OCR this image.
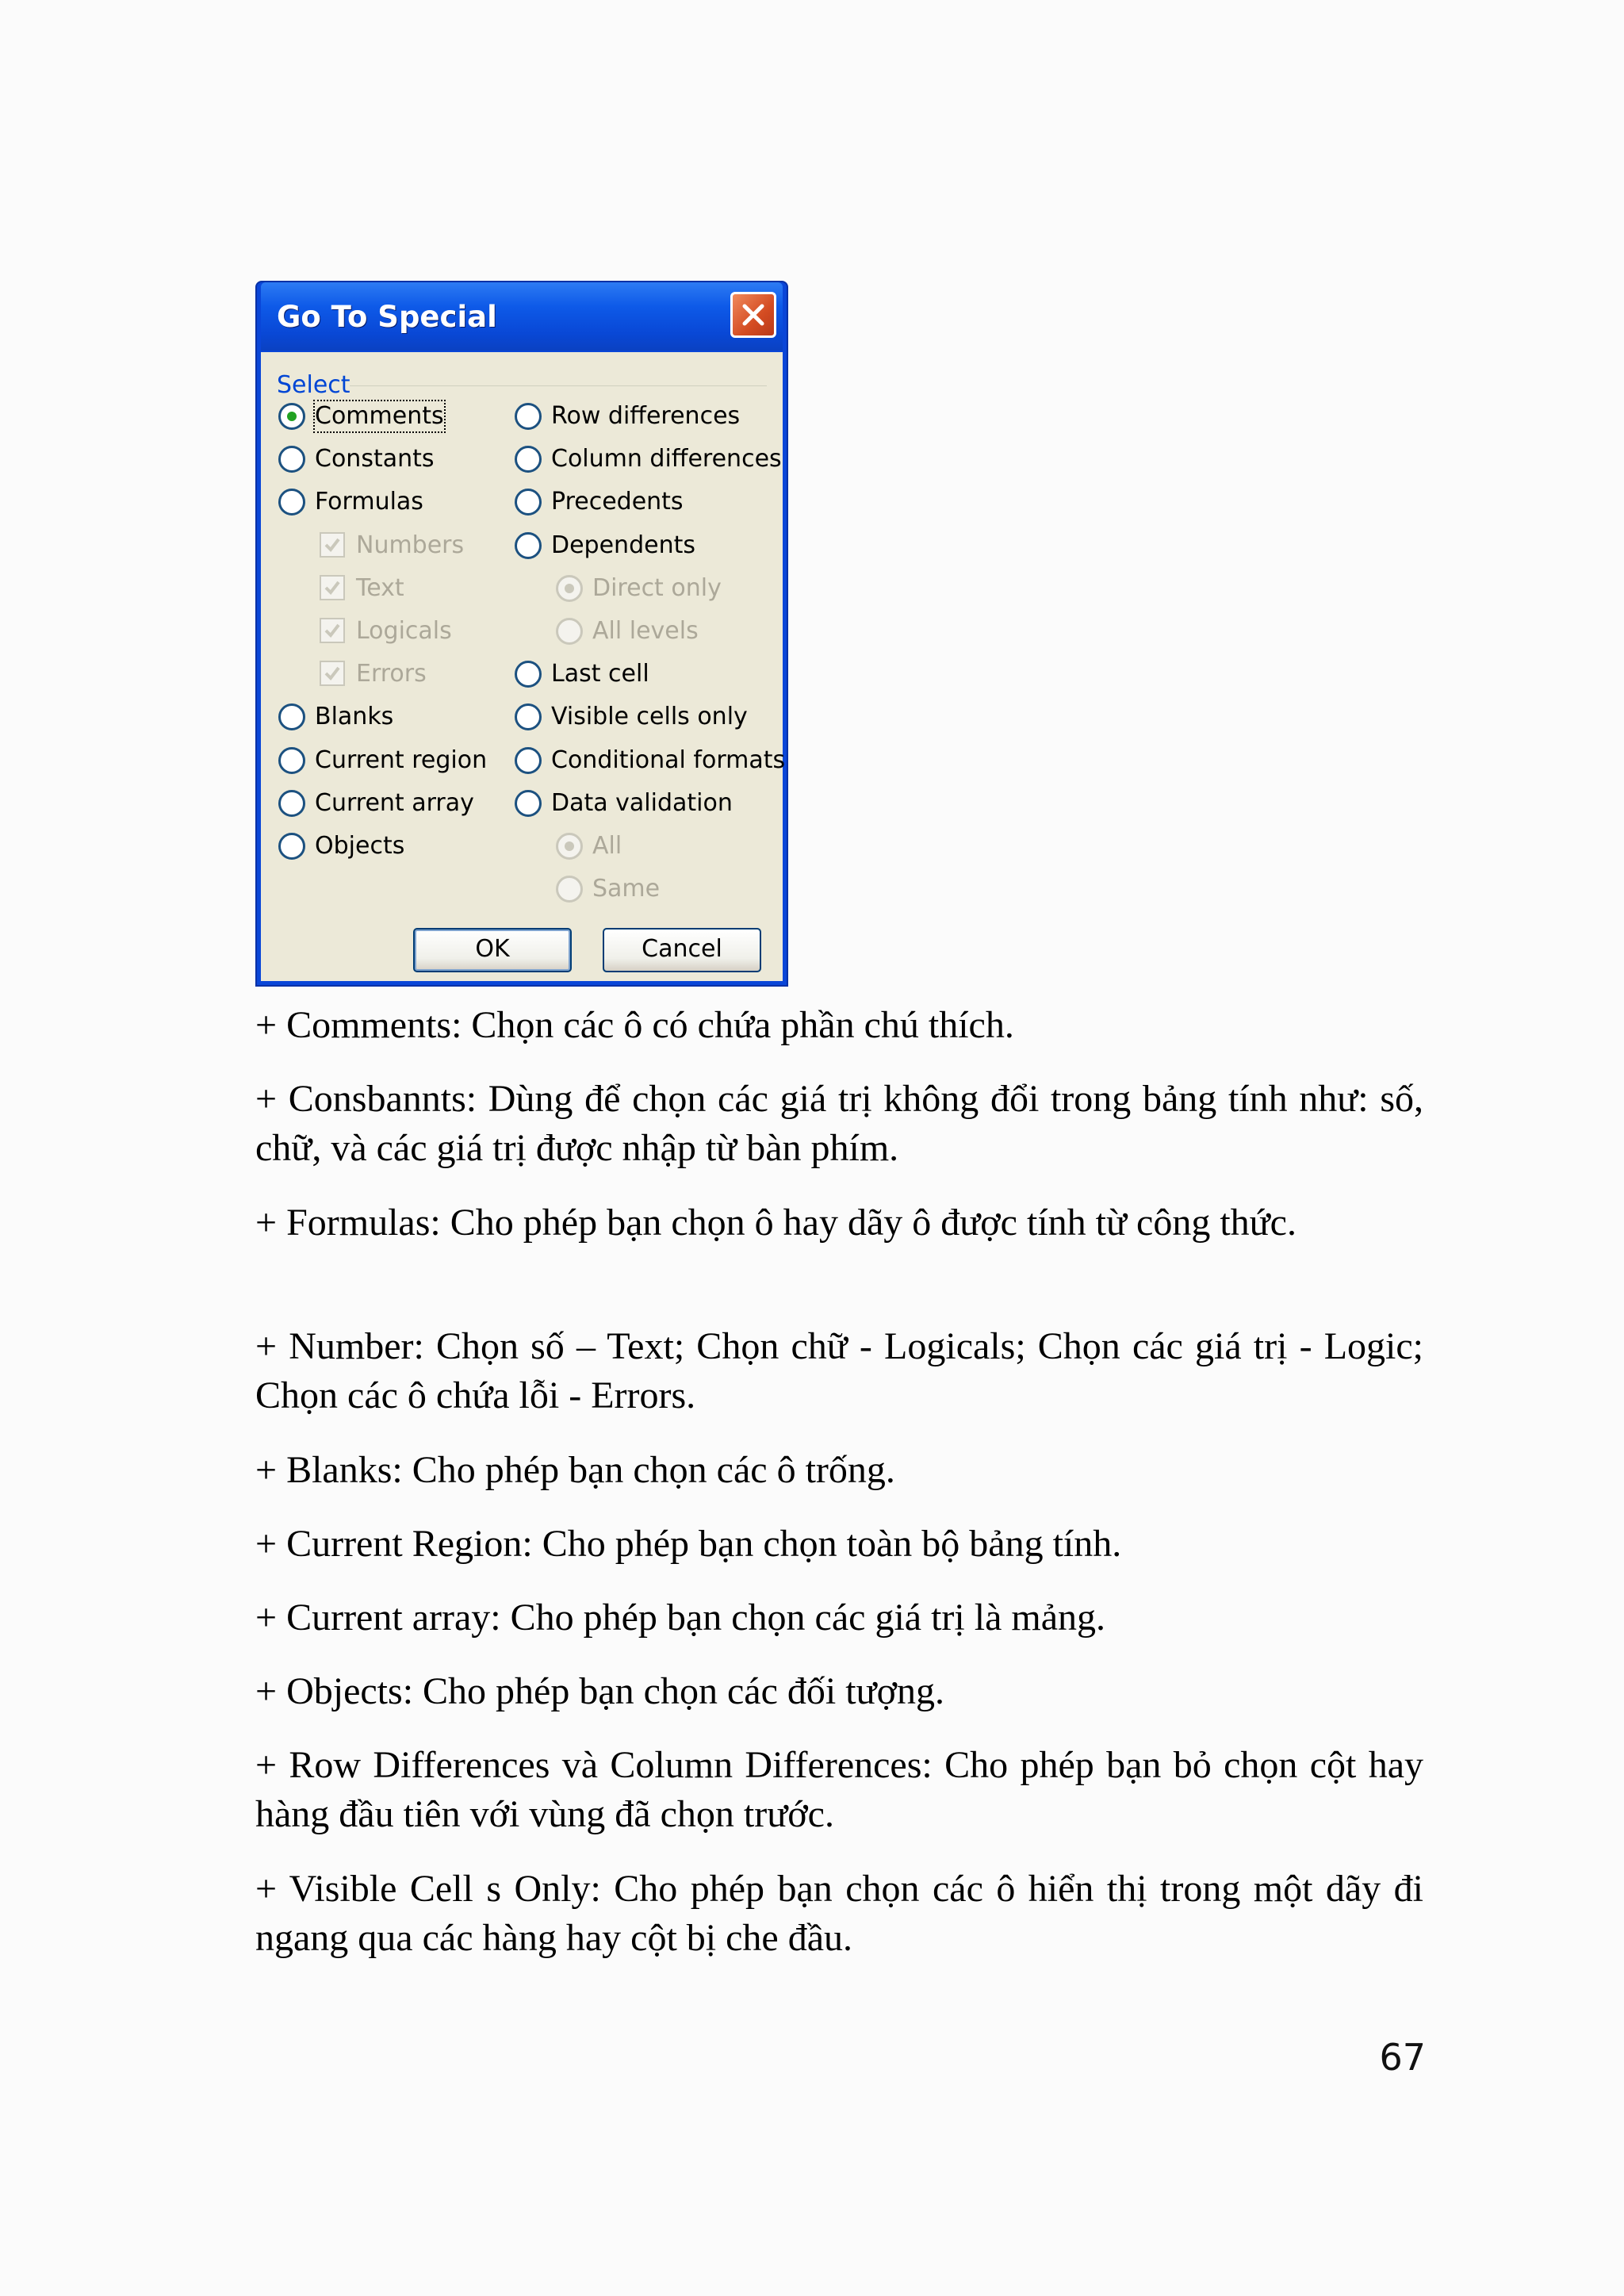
Go To Special
Select
Comments
Constants
Formulas
Numbers
Text
Logicals
Errors
Blanks
Current region
Current array
Objects
Row differences
Column differences
Precedents
Dependents
Direct only
All levels
Last cell
Visible cells only
Conditional formats
Data validation
All
Same
OK	Cancel

+ Comments: Chọn các ô có chứa phần chú thích.

+ Consbannts: Dùng để chọn các giá trị không đổi trong bảng tính như: số, chữ, và các giá trị được nhập từ bàn phím.

+ Formulas: Cho phép bạn chọn ô hay dãy ô được tính từ công thức.

+ Number: Chọn số – Text; Chọn chữ - Logicals; Chọn các giá trị - Logic; Chọn các ô chứa lỗi - Errors.

+ Blanks: Cho phép bạn chọn các ô trống.

+ Current Region: Cho phép bạn chọn toàn bộ bảng tính.

+ Current array: Cho phép bạn chọn các giá trị là mảng.

+ Objects: Cho phép bạn chọn các đối tượng.

+ Row Differences và Column Differences: Cho phép bạn bỏ chọn cột hay hàng đầu tiên với vùng đã chọn trước.

+ Visible Cell s Only: Cho phép bạn chọn các ô hiển thị trong một dãy đi ngang qua các hàng hay cột bị che đầu.

67
